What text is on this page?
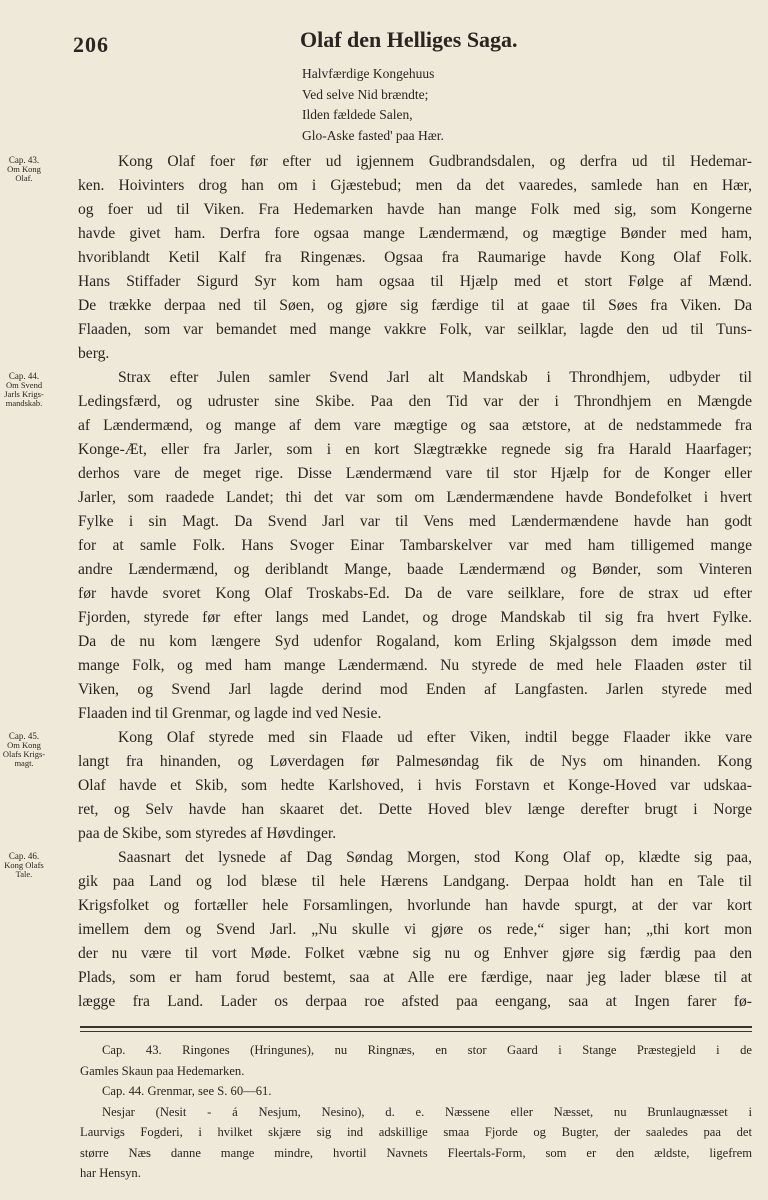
206	Olaf den Helliges Saga.
Halvfærdige Kongehuus
Ved selve Nid brændte;
Ilden fældede Salen,
Glo-Aske fasted' paa Hær.
Kong Olaf foer før efter ud igjennem Gudbrandsdalen, og derfra ud til Hedemar-
ken. Hoivinters drog han om i Gjæstebud; men da det vaaredes, samlede han en Hær,
og foer ud til Viken. Fra Hedemarken havde han mange Folk med sig, som Kongerne
havde givet ham. Derfra fore ogsaa mange Lændermænd, og mægtige Bønder med ham,
hvoriblandt Ketil Kalf fra Ringenæs. Ogsaa fra Raumarige havde Kong Olaf Folk.
Hans Stiffader Sigurd Syr kom ham ogsaa til Hjælp med et stort Følge af Mænd.
De trække derpaa ned til Søen, og gjøre sig færdige til at gaae til Søes fra Viken. Da
Flaaden, som var bemandet med mange vakkre Folk, var seilklar, lagde den ud til Tuns-
berg.
Strax efter Julen samler Svend Jarl alt Mandskab i Throndhjem, udbyder til
Ledingsfærd, og udruster sine Skibe. Paa den Tid var der i Throndhjem en Mængde
af Lændermænd, og mange af dem vare mægtige og saa ætstore, at de nedstammede fra
Konge-Æt, eller fra Jarler, som i en kort Slægtrække regnede sig fra Harald Haarfager;
derhos vare de meget rige. Disse Lændermænd vare til stor Hjælp for de Konger eller
Jarler, som raadede Landet; thi det var som om Lændermændene havde Bondefolket i hvert
Fylke i sin Magt. Da Svend Jarl var til Vens med Lændermændene havde han godt
for at samle Folk. Hans Svoger Einar Tambarskelver var med ham tilligemed mange
andre Lændermænd, og deriblandt Mange, baade Lændermænd og Bønder, som Vinteren
før havde svoret Kong Olaf Troskabs-Ed. Da de vare seilklare, fore de strax ud efter
Fjorden, styrede før efter langs med Landet, og droge Mandskab til sig fra hvert Fylke.
Da de nu kom længere Syd udenfor Rogaland, kom Erling Skjalgsson dem imøde med
mange Folk, og med ham mange Lændermænd. Nu styrede de med hele Flaaden øster til
Viken, og Svend Jarl lagde derind mod Enden af Langfasten. Jarlen styrede med
Flaaden ind til Grenmar, og lagde ind ved Nesie.
Kong Olaf styrede med sin Flaade ud efter Viken, indtil begge Flaader ikke vare
langt fra hinanden, og Løverdagen før Palmesøndag fik de Nys om hinanden. Kong
Olaf havde et Skib, som hedte Karlshoved, i hvis Forstavn et Konge-Hoved var udskaa-
ret, og Selv havde han skaaret det. Dette Hoved blev længe derefter brugt i Norge
paa de Skibe, som styredes af Høvdinger.
Saasnart det lysnede af Dag Søndag Morgen, stod Kong Olaf op, klædte sig paa,
gik paa Land og lod blæse til hele Hærens Landgang. Derpaa holdt han en Tale til
Krigsfolket og fortæller hele Forsamlingen, hvorlunde han havde spurgt, at der var kort
imellem dem og Svend Jarl. „Nu skulle vi gjøre os rede,“ siger han; „thi kort mon
der nu være til vort Møde. Folket væbne sig nu og Enhver gjøre sig færdig paa den
Plads, som er ham forud bestemt, saa at Alle ere færdige, naar jeg lader blæse til at
lægge fra Land. Lader os derpaa roe afsted paa eengang, saa at Ingen farer fø-
Cap. 43.
Om Kong
Olaf.
Cap. 44.
Om Svend
Jarls Krigs-
mandskab.
Cap. 45.
Om Kong
Olafs Krigs-
magt.
Cap. 46.
Kong Olafs
Tale.
Cap. 43. Ringones (Hringunes), nu Ringnæs, en stor Gaard i Stange Præstegjeld i de
Gamles Skaun paa Hedemarken.
Cap. 44. Grenmar, see S. 60—61.
Nesjar (Nesit - á Nesjum, Nesino), d. e. Næssene eller Næsset, nu Brunlaugnæsset i
Laurvigs Fogderi, i hvilket skjære sig ind adskillige smaa Fjorde og Bugter, der saaledes paa det
større Næs danne mange mindre, hvortil Navnets Fleertals-Form, som er den ældste, ligefrem
har Hensyn.
